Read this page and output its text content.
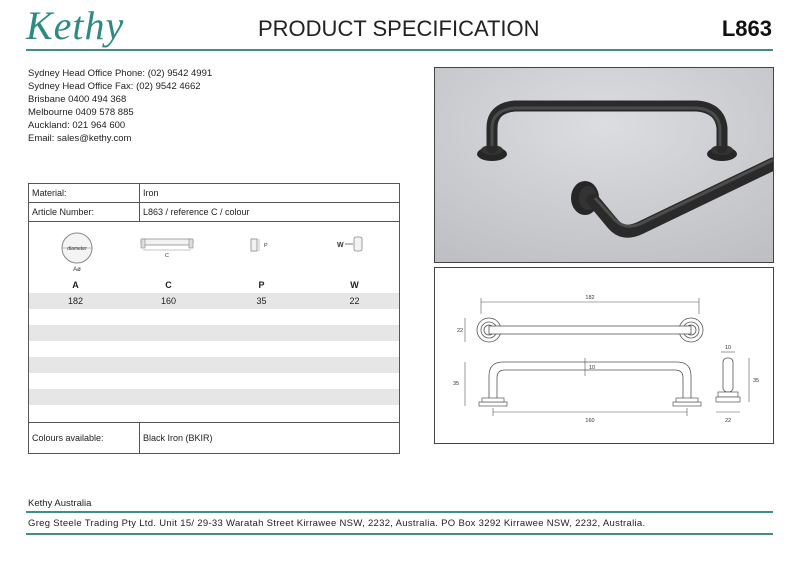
Kethy	PRODUCT SPECIFICATION	L863
Sydney Head Office Phone: (02) 9542 4991
Sydney Head Office Fax: (02) 9542 4662
Brisbane 0400 494 368
Melbourne 0409 578 885
Auckland: 021 964 600
Email: sales@kethy.com
Material:	Iron
Article Number:	L863 / reference C / colour
diameter
Aø
C
P	W
A	C	P	W
182	160	35	22
Colours available:	Black Iron (BKIR)
182
22
10
35
160
10
35
22
Kethy Australia
Greg Steele Trading Pty Ltd. Unit 15/ 29-33 Waratah Street Kirrawee NSW, 2232, Australia. PO Box 3292 Kirrawee NSW, 2232, Australia.
